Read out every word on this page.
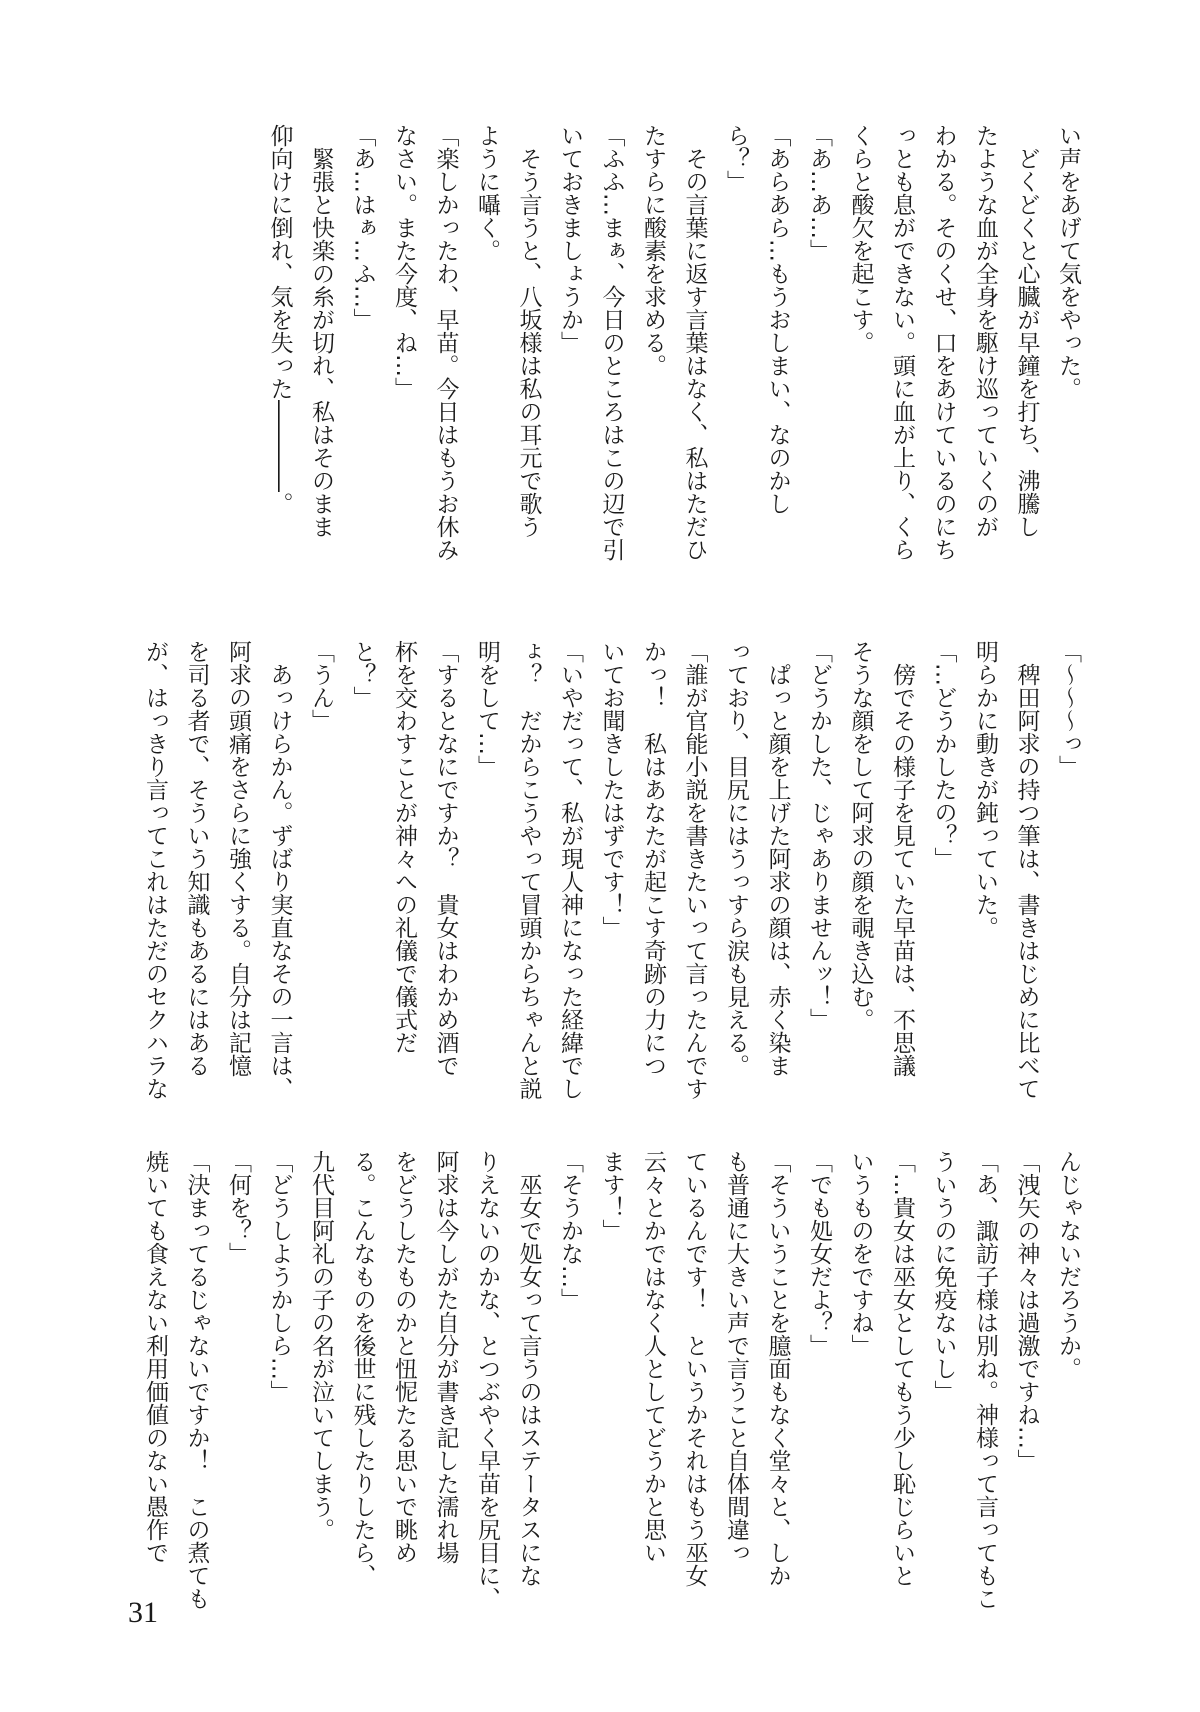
い声をあげて気をやった。
　どくどくと心臓が早鐘を打ち、沸騰し
たような血が全身を駆け巡っていくのが
わかる。そのくせ、口をあけているのにち
っとも息ができない。頭に血が上り、くら
くらと酸欠を起こす。
「あ…あ…」
「あらあら…もうおしまい、なのかし
ら？」
　その言葉に返す言葉はなく、私はただひ
たすらに酸素を求める。
「ふふ…まぁ、今日のところはこの辺で引
いておきましょうか」
　そう言うと、八坂様は私の耳元で歌う
ように囁く。
「楽しかったわ、早苗。今日はもうお休み
なさい。また今度、ね…」
「あ…はぁ…ふ…」
　緊張と快楽の糸が切れ、私はそのまま
仰向けに倒れ、気を失った――――。
「〜〜〜っ」
　稗田阿求の持つ筆は、書きはじめに比べて
明らかに動きが鈍っていた。
「…どうかしたの？」
　傍でその様子を見ていた早苗は、不思議
そうな顔をして阿求の顔を覗き込む。
「どうかした、じゃありませんッ！」
　ぱっと顔を上げた阿求の顔は、赤く染ま
っており、目尻にはうっすら涙も見える。
「誰が官能小説を書きたいって言ったんです
かっ！　私はあなたが起こす奇跡の力につ
いてお聞きしたはずです！」
「いやだって、私が現人神になった経緯でし
ょ？　だからこうやって冒頭からちゃんと説
明をして…」
「するとなにですか？　貴女はわかめ酒で
杯を交わすことが神々への礼儀で儀式だ
と？」
「うん」
　あっけらかん。ずばり実直なその一言は、
阿求の頭痛をさらに強くする。自分は記憶
を司る者で、そういう知識もあるにはある
が、はっきり言ってこれはただのセクハラな
んじゃないだろうか。
「洩矢の神々は過激ですね…」
「あ、諏訪子様は別ね。神様って言ってもこ
ういうのに免疫ないし」
「…貴女は巫女としてもう少し恥じらいと
いうものをですね」
「でも処女だよ？」
「そういうことを臆面もなく堂々と、しか
も普通に大きい声で言うこと自体間違っ
ているんです！　というかそれはもう巫女
云々とかではなく人としてどうかと思い
ます！」
「そうかな…」
　巫女で処女って言うのはステータスにな
りえないのかな、とつぶやく早苗を尻目に、
阿求は今しがた自分が書き記した濡れ場
をどうしたものかと忸怩たる思いで眺め
る。こんなものを後世に残したりしたら、
九代目阿礼の子の名が泣いてしまう。
「どうしようかしら…」
「何を？」
「決まってるじゃないですか！　この煮ても
焼いても食えない利用価値のない愚作で
31
